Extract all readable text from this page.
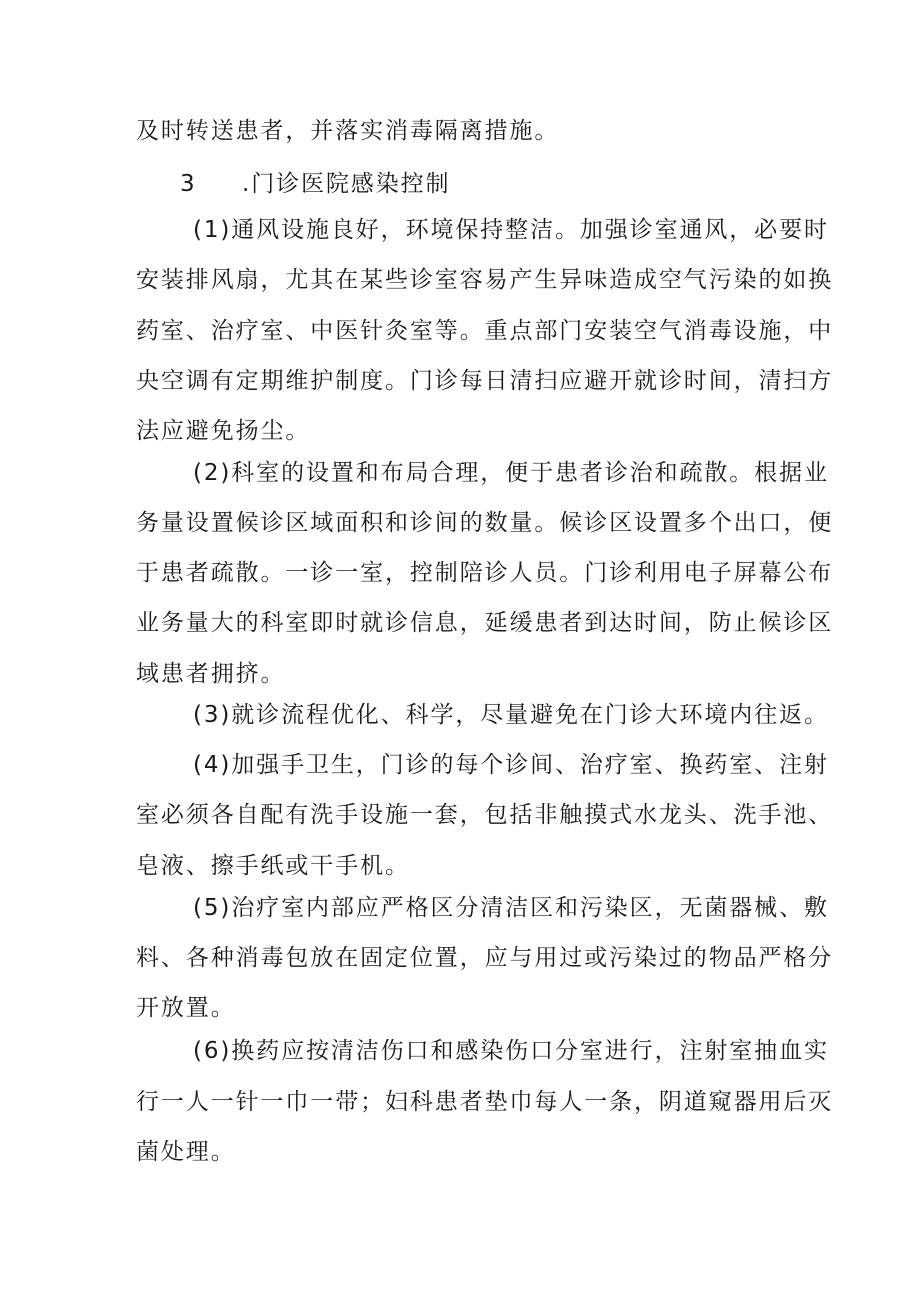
及时转送患者，并落实消毒隔离措施。
3 .门诊医院感染控制
(1)通风设施良好，环境保持整洁。加强诊室通风，必要时
安装排风扇，尤其在某些诊室容易产生异味造成空气污染的如换
药室、治疗室、中医针灸室等。重点部门安装空气消毒设施，中
央空调有定期维护制度。门诊每日清扫应避开就诊时间，清扫方
法应避免扬尘。
(2)科室的设置和布局合理，便于患者诊治和疏散。根据业
务量设置候诊区域面积和诊间的数量。候诊区设置多个出口，便
于患者疏散。一诊一室，控制陪诊人员。门诊利用电子屏幕公布
业务量大的科室即时就诊信息，延缓患者到达时间，防止候诊区
域患者拥挤。
(3)就诊流程优化、科学，尽量避免在门诊大环境内往返。
(4)加强手卫生，门诊的每个诊间、治疗室、换药室、注射
室必须各自配有洗手设施一套，包括非触摸式水龙头、洗手池、
皂液、擦手纸或干手机。
(5)治疗室内部应严格区分清洁区和污染区，无菌器械、敷
料、各种消毒包放在固定位置，应与用过或污染过的物品严格分
开放置。
(6)换药应按清洁伤口和感染伤口分室进行，注射室抽血实
行一人一针一巾一带；妇科患者垫巾每人一条，阴道窥器用后灭
菌处理。
